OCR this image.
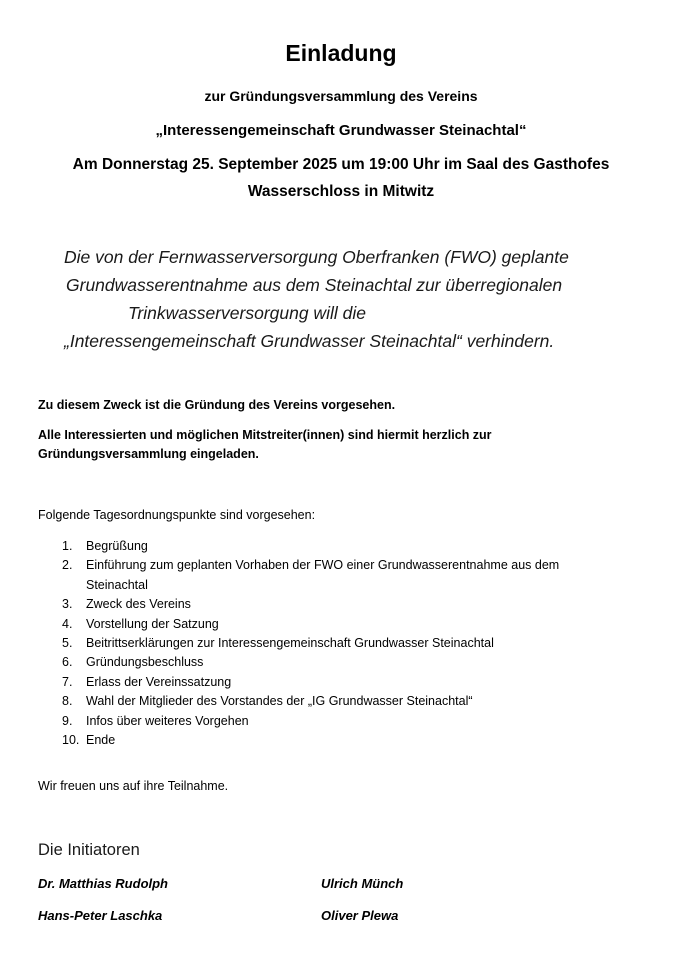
Einladung
zur Gründungsversammlung des Vereins
„Interessengemeinschaft Grundwasser Steinachtal“
Am Donnerstag 25. September 2025 um 19:00 Uhr im Saal des Gasthofes
Wasserschloss in Mitwitz
Die von der Fernwasserversorgung Oberfranken (FWO) geplante
Grundwasserentnahme aus dem Steinachtal zur überregionalen
Trinkwasserversorgung will die
„Interessengemeinschaft Grundwasser Steinachtal“ verhindern.
Zu diesem Zweck ist die Gründung des Vereins vorgesehen.
Alle Interessierten und möglichen Mitstreiter(innen) sind hiermit herzlich zur
Gründungsversammlung eingeladen.
Folgende Tagesordnungspunkte sind vorgesehen:
1.	Begrüßung
2.	Einführung zum geplanten Vorhaben der FWO einer Grundwasserentnahme aus dem Steinachtal
3.	Zweck des Vereins
4.	Vorstellung der Satzung
5.	Beitrittserklärungen zur Interessengemeinschaft Grundwasser Steinachtal
6.	Gründungsbeschluss
7.	Erlass der Vereinssatzung
8.	Wahl der Mitglieder des Vorstandes der „IG Grundwasser Steinachtal“
9.	Infos über weiteres Vorgehen
10. Ende
Wir freuen uns auf ihre Teilnahme.
Die Initiatoren
Dr. Matthias Rudolph	Ulrich Münch
Hans-Peter Laschka	Oliver Plewa
